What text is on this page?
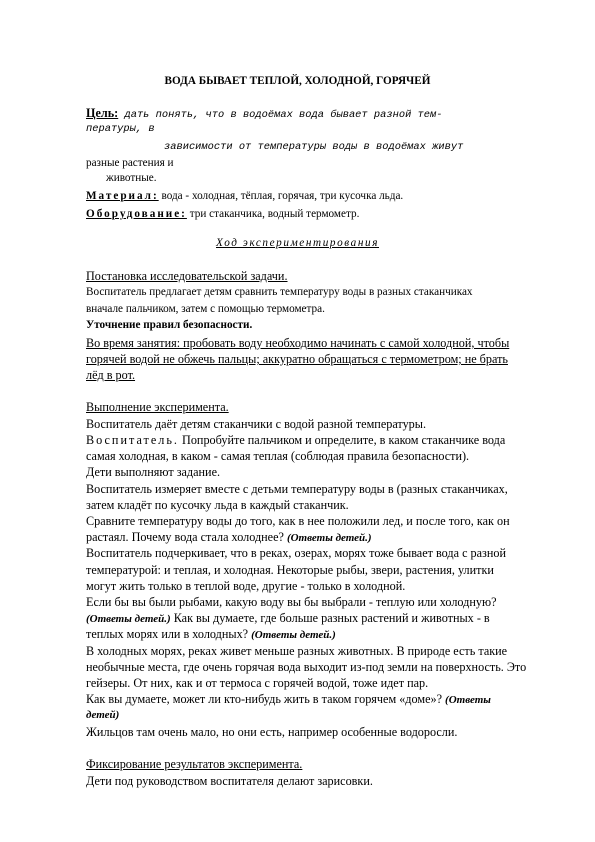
ВОДА БЫВАЕТ ТЕПЛОЙ, ХОЛОДНОЙ, ГОРЯЧЕЙ
Цель: дать понять, что в водоёмах вода бывает разной тем-
пературы, в
зависимости от температуры воды в водоёмах живут
разные растения и
животные.
Материал: вода - холодная, тёплая, горячая, три кусочка льда.
Оборудование: три стаканчика, водный термометр.
Ход экспериментирования
Постановка исследовательской задачи.
Воспитатель предлагает детям сравнить температуру воды в разных стаканчиках
вначале пальчиком, затем с помощью термометра.
Уточнение правил безопасности.
Во время занятия: пробовать воду необходимо начинать с самой холодной, чтобы
горячей водой не обжечь пальцы; аккуратно обращаться с термометром; не брать
лёд в рот.
Выполнение эксперимента.
Воспитатель даёт детям стаканчики с водой разной температуры.
Воспитатель. Попробуйте пальчиком и определите, в каком стаканчике вода
самая холодная, в каком - самая теплая (соблюдая правила безопасности).
Дети выполняют задание.
Воспитатель измеряет вместе с детьми температуру воды в (разных стаканчиках,
затем кладёт по кусочку льда в каждый стаканчик.
Сравните температуру воды до того, как в нее положили лед, и после того, как он
растаял. Почему вода стала холоднее? (Ответы детей.)
Воспитатель подчеркивает, что в реках, озерах, морях тоже бывает вода с разной
температурой: и теплая, и холодная. Некоторые рыбы, звери, растения, улитки
могут жить только в теплой воде, другие - только в холодной.
Если бы вы были рыбами, какую воду вы бы выбрали - теплую или холодную?
(Ответы детей.) Как вы думаете, где больше разных растений и животных - в
теплых морях или в холодных? (Ответы детей.)
В холодных морях, реках живет меньше разных животных. В природе есть такие
необычные места, где очень горячая вода выходит из-под земли на поверхность. Это
гейзеры. От них, как и от термоса с горячей водой, тоже идет пар.
Как вы думаете, может ли кто-нибудь жить в таком горячем «доме»? (Ответы
детей)
Жильцов там очень мало, но они есть, например особенные водоросли.
Фиксирование результатов эксперимента.
Дети под руководством воспитателя делают зарисовки.
